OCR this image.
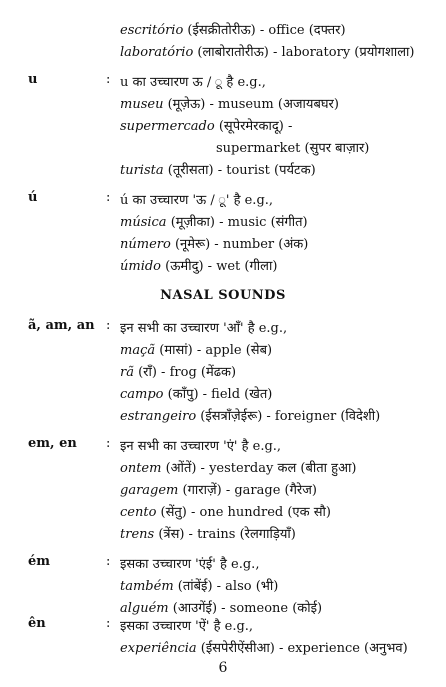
escritório (ईसक्रीतोरीऊ) - office (दफ्तर)
laboratório (लाबोरातोरीऊ) - laboratory (प्रयोगशाला)
u	: u का उच्चारण ऊ / ू है e.g.,
museu (मूज़ेऊ) - museum (अजायबघर)
supermercado (सूपेरमेरकादू) -
supermarket (सुपर बाज़ार)
turista (तूरीसता) - tourist (पर्यटक)
ú	: ú का उच्चारण 'ऊ / ू' है e.g.,
música (मूज़ीका) - music (संगीत)
número (नूमेरू) - number (अंक)
úmido (ऊमीदु) - wet (गीला)
NASAL SOUNDS
ã, am, an : इन सभी का उच्चारण 'आँ' है e.g.,
maçã (मासां) - apple (सेब)
rã (राँ) - frog (मेंढक)
campo (काँपु) - field (खेत)
estrangeiro (ईसत्राँज़ेईरू) - foreigner (विदेशी)
em, en : इन सभी का उच्चारण 'एं' है e.g.,
ontem (ओंतें) - yesterday कल (बीता हुआ)
garagem (गाराज़ें) - garage (गैरेज)
cento (सेंतु) - one hundred (एक सौ)
trens (त्रेंस) - trains (रेलगाड़ियाँ)
ém	: इसका उच्चारण 'एंई' है e.g.,
também (तांबेंई) - also (भी)
alguém (आउगेंई) - someone (कोई)
ên	: इसका उच्चारण 'ऐं' है e.g.,
experiência (ईसपेरीऐंसीआ) - experience (अनुभव)
6
